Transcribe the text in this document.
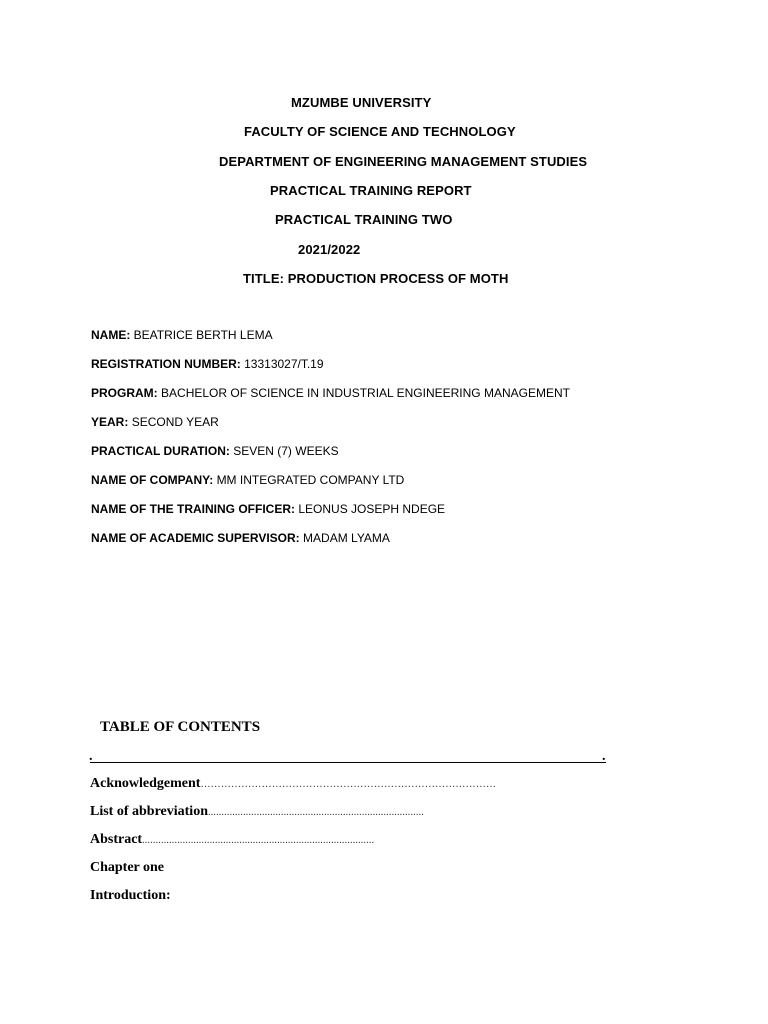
MZUMBE UNIVERSITY
FACULTY OF SCIENCE AND TECHNOLOGY
DEPARTMENT OF ENGINEERING MANAGEMENT STUDIES
PRACTICAL TRAINING REPORT
PRACTICAL TRAINING TWO
2021/2022
TITLE: PRODUCTION PROCESS OF MOTH
NAME: BEATRICE BERTH LEMA
REGISTRATION NUMBER: 13313027/T.19
PROGRAM: BACHELOR OF SCIENCE IN INDUSTRIAL ENGINEERING MANAGEMENT
YEAR: SECOND YEAR
PRACTICAL DURATION: SEVEN (7) WEEKS
NAME OF COMPANY: MM INTEGRATED COMPANY LTD
NAME OF THE TRAINING OFFICER: LEONUS JOSEPH NDEGE
NAME OF ACADEMIC SUPERVISOR: MADAM LYAMA
TABLE OF CONTENTS
.	.
Acknowledgement……………………………………………………………………………
List of abbreviation................................................................................
Abstract......................................................................................
Chapter one
Introduction:
